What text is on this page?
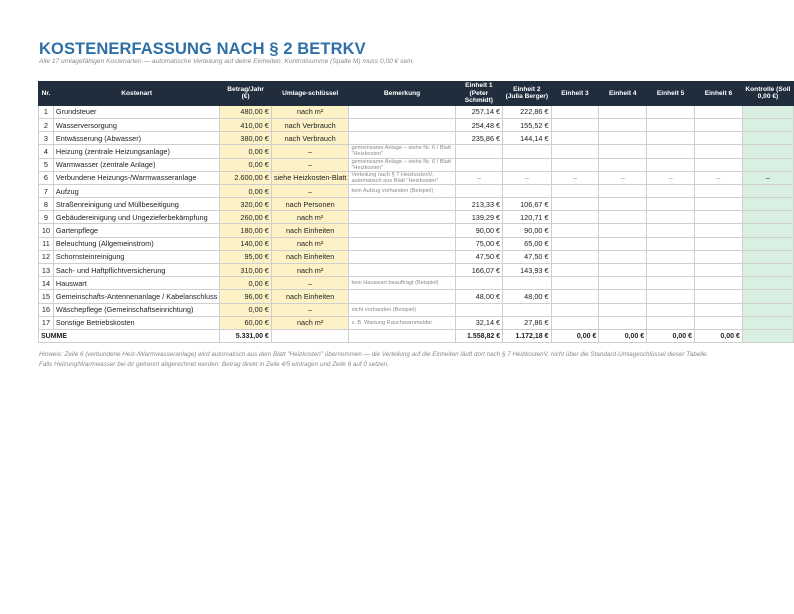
KOSTENERFASSUNG NACH § 2 BETRKV
Alle 17 umlagefähigen Kostenarten — automatische Verteilung auf deine Einheiten. Kontrollsumme (Spalte M) muss 0,00 € sein.
Nr.	Kostenart	Betrag/Jahr (€)	Umlage-schlüssel	Bemerkung	Einheit 1 (Peter Schmidt)	Einheit 2 (Julia Berger)	Einheit 3	Einheit 4	Einheit 5	Einheit 6	Kontrolle (Soll 0,00 €)
1	Grundsteuer	480,00 €	nach m²		257,14 €	222,86 €					
2	Wasserversorgung	410,00 €	nach Verbrauch		254,48 €	155,52 €					
3	Entwässerung (Abwasser)	380,00 €	nach Verbrauch		235,86 €	144,14 €					
4	Heizung (zentrale Heizungsanlage)	0,00 €	–	gemeinsame Anlage – siehe Nr. 6 / Blatt "Heizkosten"							
5	Warmwasser (zentrale Anlage)	0,00 €	–	gemeinsame Anlage – siehe Nr. 6 / Blatt "Heizkosten"							
6	Verbundene Heizungs-/Warmwasseranlage	2.600,00 €	siehe Heizkosten-Blatt	Verteilung nach § 7 HeizkostenV, automatisch aus Blatt "Heizkosten"	–	–	–	–	–	–	–
7	Aufzug	0,00 €	–	kein Aufzug vorhanden (Beispiel)							
8	Straßenreinigung und Müllbeseitigung	320,00 €	nach Personen		213,33 €	106,67 €					
9	Gebäudereinigung und Ungezieferbekämpfung	260,00 €	nach m²		139,29 €	120,71 €					
10	Gartenpflege	180,00 €	nach Einheiten		90,00 €	90,00 €					
11	Beleuchtung (Allgemeinstrom)	140,00 €	nach m²		75,00 €	65,00 €					
12	Schornsteinreinigung	95,00 €	nach Einheiten		47,50 €	47,50 €					
13	Sach- und Haftpflichtversicherung	310,00 €	nach m²		166,07 €	143,93 €					
14	Hauswart	0,00 €	–	kein Hauswart beauftragt (Beispiel)							
15	Gemeinschafts-Antennenanlage / Kabelanschluss	96,00 €	nach Einheiten		48,00 €	48,00 €					
16	Wäschepflege (Gemeinschaftseinrichtung)	0,00 €	–	nicht vorhanden (Beispiel)							
17	Sonstige Betriebskosten	60,00 €	nach m²	z. B. Wartung Rauchwarnmelder	32,14 €	27,86 €					
SUMME		5.331,00 €			1.558,82 €	1.172,18 €	0,00 €	0,00 €	0,00 €	0,00 €	
Hinweis: Zeile 6 (verbundene Heiz-/Warmwasseranlage) wird automatisch aus dem Blatt "Heizkosten" übernommen — die Verteilung auf die Einheiten läuft dort nach § 7 HeizkostenV, nicht über die Standard-Umlageschlüssel dieser Tabelle.
Falls Heizung/Warmwasser bei dir getrennt abgerechnet werden: Betrag direkt in Zeile 4/5 eintragen und Zeile 6 auf 0 setzen.
